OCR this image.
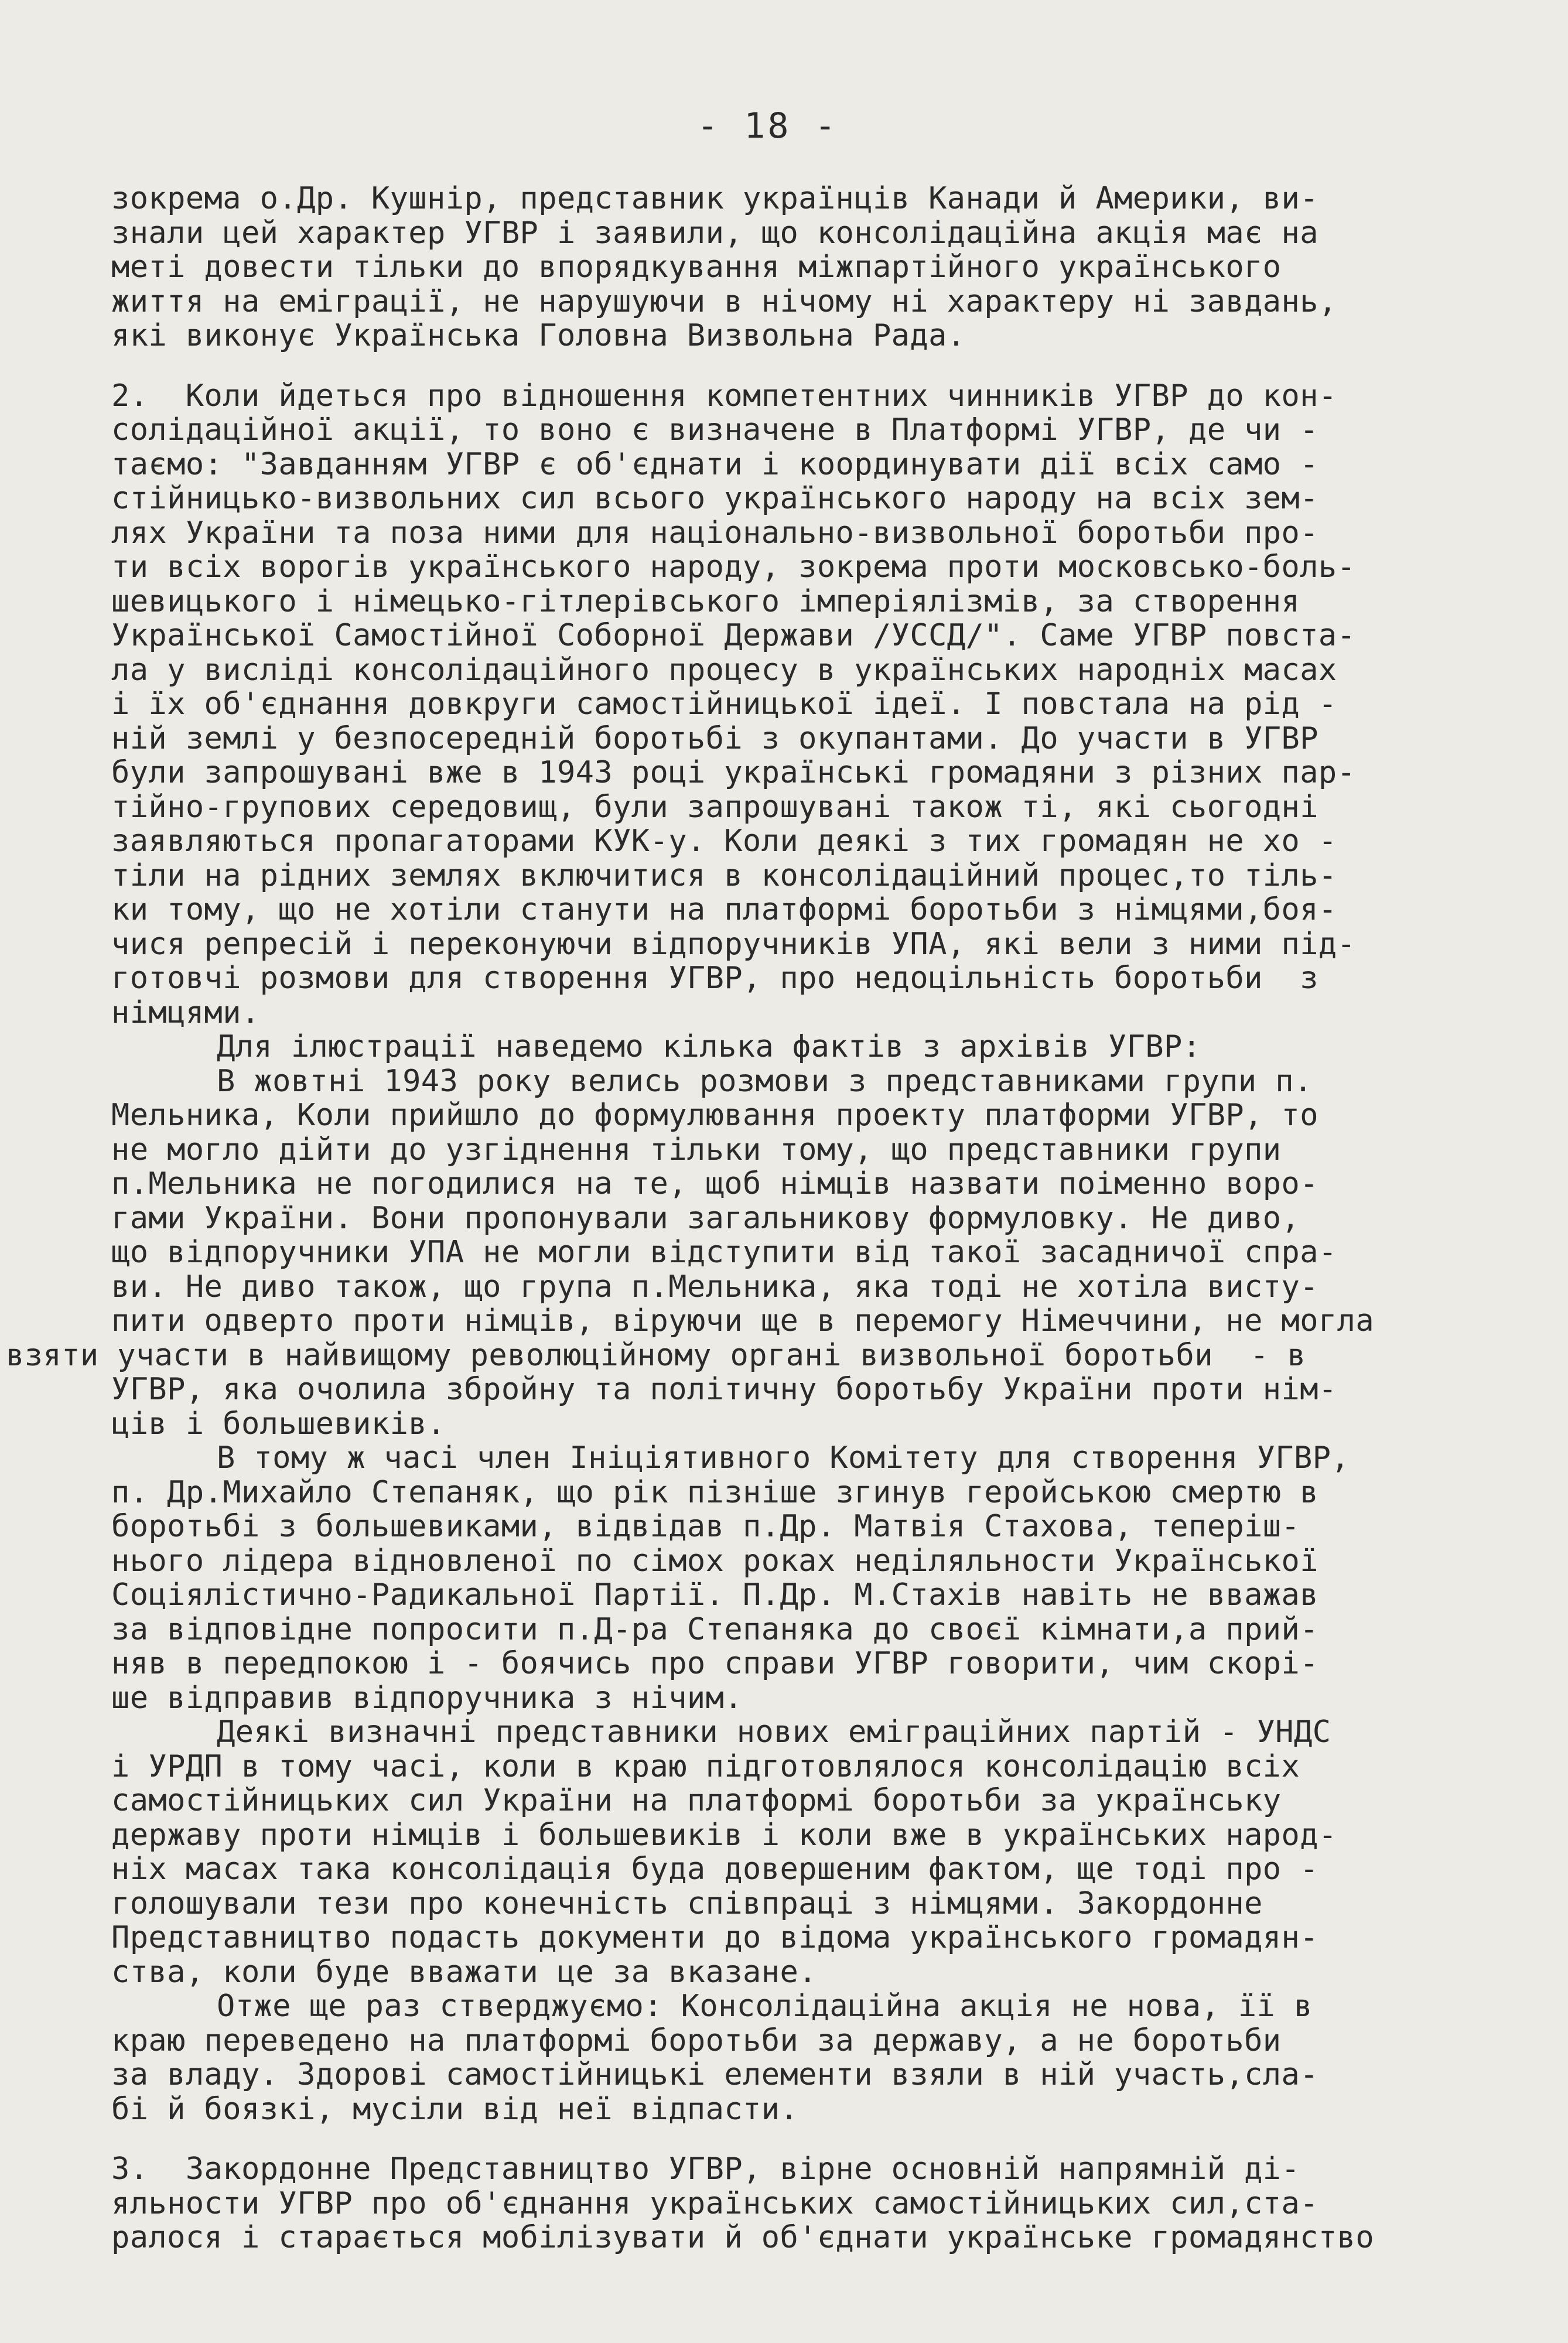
- 18 -
зокрема о.Др. Кушнір, представник українців Канади й Америки, ви-
знали цей характер УГВР і заявили, що консолідаційна акція має на
меті довести тільки до впорядкування міжпартійного українського
життя на еміграції, не нарушуючи в нічому ні характеру ні завдань,
які виконує Українська Головна Визвольна Рада.
2.  Коли йдеться про відношення компетентних чинників УГВР до кон-
солідаційної акції, то воно є визначене в Платформі УГВР, де чи -
таємо: "Завданням УГВР є об'єднати і координувати дії всіх само -
стійницько-визвольних сил всього українського народу на всіх зем-
лях України та поза ними для національно-визвольної боротьби про-
ти всіх ворогів українського народу, зокрема проти московсько-боль-
шевицького і німецько-гітлерівського імперіялізмів, за створення
Української Самостійної Соборної Держави /УССД/". Саме УГВР повста-
ла у висліді консолідаційного процесу в українських народніх масах
і їх об'єднання довкруги самостійницької ідеї. І повстала на рід -
ній землі у безпосередній боротьбі з окупантами. До участи в УГВР
були запрошувані вже в 1943 році українські громадяни з різних пар-
тійно-групових середовищ, були запрошувані також ті, які сьогодні
заявляються пропагаторами КУК-у. Коли деякі з тих громадян не хо -
тіли на рідних землях включитися в консолідаційний процес,то тіль-
ки тому, що не хотіли станути на платформі боротьби з німцями,боя-
чися репресій і переконуючи відпоручників УПА, які вели з ними під-
готовчі розмови для створення УГВР, про недоцільність боротьби  з
німцями.
Для ілюстрації наведемо кілька фактів з архівів УГВР:
В жовтні 1943 року велись розмови з представниками групи п.
Мельника, Коли прийшло до формулювання проекту платформи УГВР, то
не могло дійти до узгіднення тільки тому, що представники групи
п.Мельника не погодилися на те, щоб німців назвати поіменно воро-
гами України. Вони пропонували загальникову формуловку. Не диво,
що відпоручники УПА не могли відступити від такої засадничої спра-
ви. Не диво також, що група п.Мельника, яка тоді не хотіла висту-
пити одверто проти німців, віруючи ще в перемогу Німеччини, не могла
взяти участи в найвищому революційному органі визвольної боротьби  - в
УГВР, яка очолила збройну та політичну боротьбу України проти нім-
ців і большевиків.
В тому ж часі член Ініціятивного Комітету для створення УГВР,
п. Др.Михайло Степаняк, що рік пізніше згинув геройською смертю в
боротьбі з большевиками, відвідав п.Др. Матвія Стахова, теперіш-
нього лідера відновленої по сімох роках неділяльности Української
Соціялістично-Радикальної Партії. П.Др. М.Стахів навіть не вважав
за відповідне попросити п.Д-ра Степаняка до своєї кімнати,а прий-
няв в передпокою і - боячись про справи УГВР говорити, чим скорі-
ше відправив відпоручника з нічим.
Деякі визначні представники нових еміграційних партій - УНДС
і УРДП в тому часі, коли в краю підготовлялося консолідацію всіх
самостійницьких сил України на платформі боротьби за українську
державу проти німців і большевиків і коли вже в українських народ-
ніх масах така консолідація буда довершеним фактом, ще тоді про -
голошували тези про конечність співпраці з німцями. Закордонне
Представництво подасть документи до відома українського громадян-
ства, коли буде вважати це за вказане.
Отже ще раз стверджуємо: Консолідаційна акція не нова, її в
краю переведено на платформі боротьби за державу, а не боротьби
за владу. Здорові самостійницькі елементи взяли в ній участь,сла-
бі й боязкі, мусіли від неї відпасти.
3.  Закордонне Представництво УГВР, вірне основній напрямній ді-
яльности УГВР про об'єднання українських самостійницьких сил,ста-
ралося і старається мобілізувати й об'єднати українське громадянство
